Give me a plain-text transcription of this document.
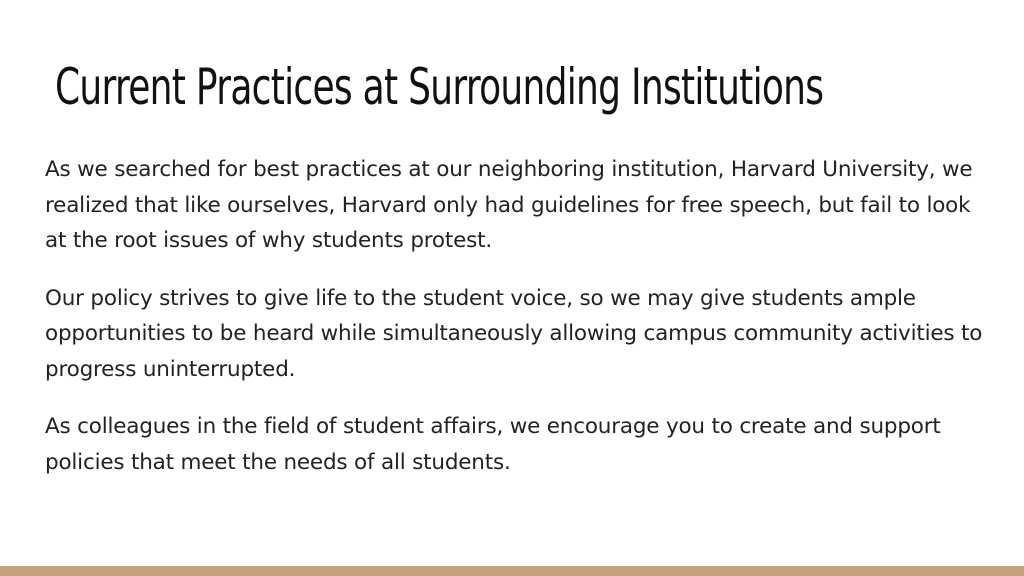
Current Practices at Surrounding Institutions

As we searched for best practices at our neighboring institution, Harvard University, we realized that like ourselves, Harvard only had guidelines for free speech, but fail to look at the root issues of why students protest.

Our policy strives to give life to the student voice, so we may give students ample opportunities to be heard while simultaneously allowing campus community activities to progress uninterrupted.

As colleagues in the field of student affairs, we encourage you to create and support policies that meet the needs of all students.
